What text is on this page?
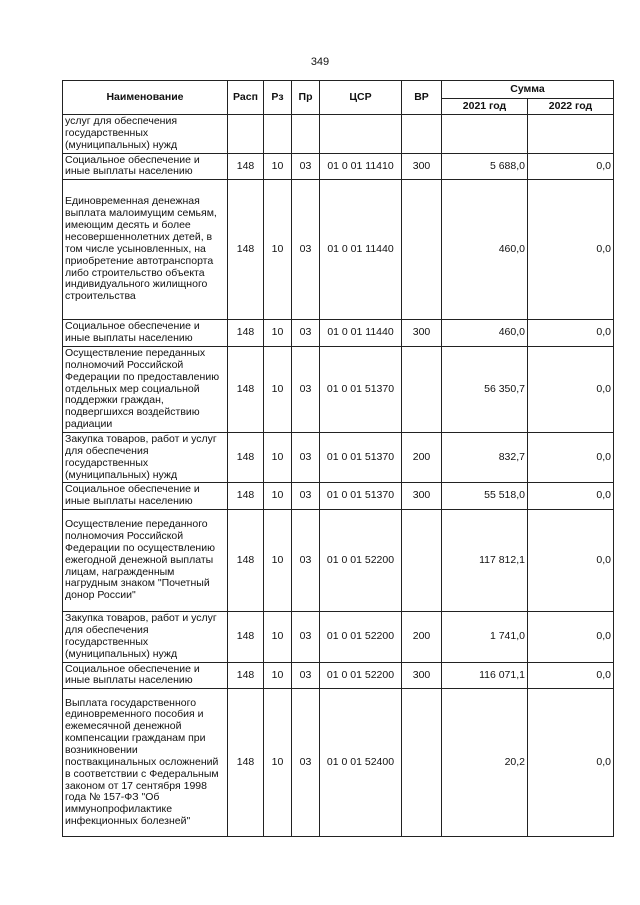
349
Наименование	Расп	Рз	Пр	ЦСР	ВР	Сумма	
						2021 год	2022 год
услуг для обеспечения государственных (муниципальных) нужд							
Социальное обеспечение и иные выплаты населению	148	10	03	01 0 01 11410	300	5 688,0	0,0
Единовременная денежная выплата малоимущим семьям, имеющим десять и более несовершеннолетних детей, в том числе усыновленных, на приобретение автотранспорта либо строительство объекта индивидуального жилищного строительства	148	10	03	01 0 01 11440		460,0	0,0
Социальное обеспечение и иные выплаты населению	148	10	03	01 0 01 11440	300	460,0	0,0
Осуществление переданных полномочий Российской Федерации по предоставлению отдельных мер социальной поддержки граждан, подвергшихся воздействию радиации	148	10	03	01 0 01 51370		56 350,7	0,0
Закупка товаров, работ и услуг для обеспечения государственных (муниципальных) нужд	148	10	03	01 0 01 51370	200	832,7	0,0
Социальное обеспечение и иные выплаты населению	148	10	03	01 0 01 51370	300	55 518,0	0,0
Осуществление переданного полномочия Российской Федерации по осуществлению ежегодной денежной выплаты лицам, награжденным нагрудным знаком "Почетный донор России"	148	10	03	01 0 01 52200		117 812,1	0,0
Закупка товаров, работ и услуг для обеспечения государственных (муниципальных) нужд	148	10	03	01 0 01 52200	200	1 741,0	0,0
Социальное обеспечение и иные выплаты населению	148	10	03	01 0 01 52200	300	116 071,1	0,0
Выплата государственного единовременного пособия и ежемесячной денежной компенсации гражданам при возникновении поствакцинальных осложнений в соответствии с Федеральным законом от 17 сентября 1998 года № 157-ФЗ "Об иммунопрофилактике инфекционных болезней"	148	10	03	01 0 01 52400		20,2	0,0
